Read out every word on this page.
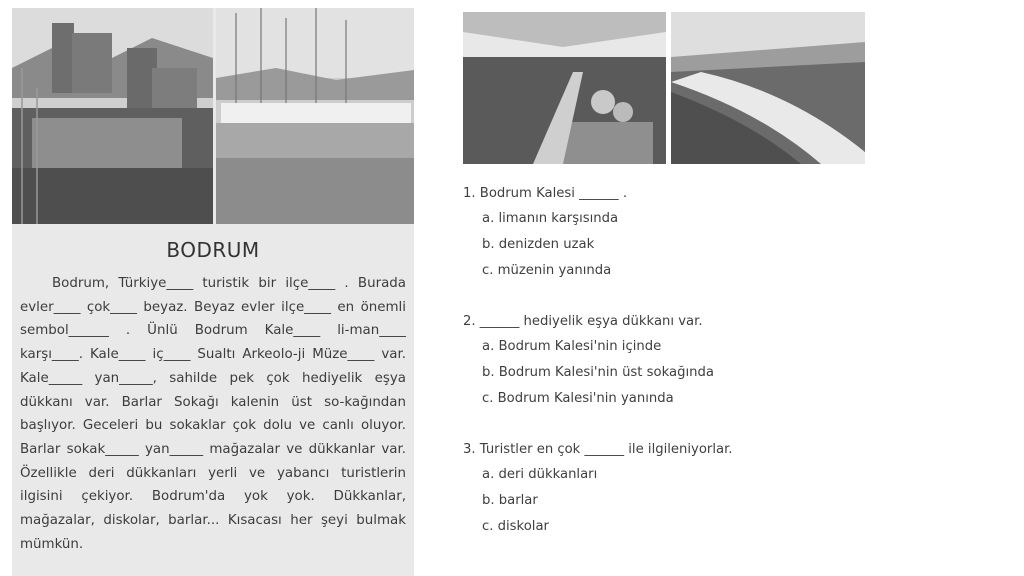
BODRUM

Bodrum, Türkiye____ turistik bir ilçe____ . Burada evler____ çok____ beyaz. Beyaz evler ilçe____ en önemli sembol______ . Ünlü Bodrum Kale____ li-man____ karşı____. Kale____ iç____ Sualtı Arkeolo-ji Müze____ var. Kale_____ yan_____, sahilde pek çok hediyelik eşya dükkanı var. Barlar Sokağı kalenin üst so-kağından başlıyor. Geceleri bu sokaklar çok dolu ve canlı oluyor. Barlar sokak_____ yan_____ mağazalar ve dükkanlar var. Özellikle deri dükkanları yerli ve yabancı turistlerin ilgisini çekiyor. Bodrum'da yok yok. Dükkanlar, mağazalar, diskolar, barlar... Kısacası her şeyi bulmak mümkün.

1. Bodrum Kalesi ______ .
a. limanın karşısında
b. denizden uzak
c. müzenin yanında
2. ______ hediyelik eşya dükkanı var.
a. Bodrum Kalesi'nin içinde
b. Bodrum Kalesi'nin üst sokağında
c. Bodrum Kalesi'nin yanında
3. Turistler en çok ______ ile ilgileniyorlar.
a. deri dükkanları
b. barlar
c. diskolar
